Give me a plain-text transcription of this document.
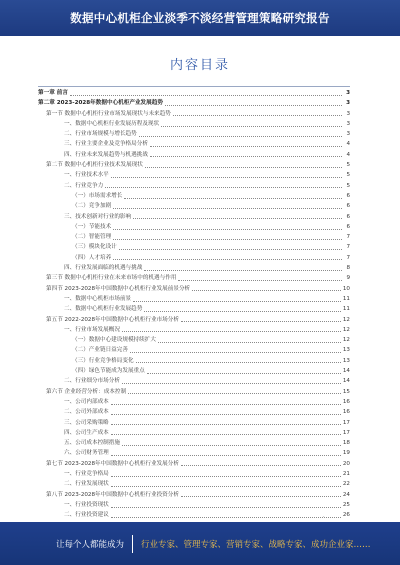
数据中心机柜企业淡季不淡经营管理策略研究报告
内容目录
第一章 前言	3
第二章 2023-2028年数据中心机柜产业发展趋势	3
第一节 数据中心机柜行业市场发展现状与未来趋势	3
一、数据中心机柜行业发展历程及现状	3
二、行业市场规模与增长趋势	3
三、行业主要企业及竞争格局分析	4
四、行业未来发展趋势与机遇挑战	4
第二节 数据中心机柜行业技术发展现状	5
一、行业技术水平	5
二、行业竞争力	5
（一）市场需求增长	6
（二）竞争加剧	6
三、技术创新对行业的影响	6
（一）节能技术	6
（二）智能管理	7
（三）模块化设计	7
（四）人才培养	7
四、行业发展面临的机遇与挑战	8
第三节 数据中心机柜行业在未来市场中的机遇与作用	9
第四节 2023-2028年中国数据中心机柜行业发展前景分析	10
一、数据中心机柜市场前景	11
二、数据中心机柜行业发展趋势	11
第五节 2022-2028年中国数据中心机柜行业市场分析	12
一、行业市场发展概况	12
（一）数据中心建设规模持续扩大	12
（二）产业链日益完善	13
（三）行业竞争格局变化	13
（四）绿色节能成为发展重点	14
二、行业细分市场分析	14
第六节 企业经营分析：成本控制	15
一、公司内部成本	16
二、公司外部成本	16
三、公司采购策略	17
四、公司生产成本	17
五、公司成本控制措施	18
六、公司财务管理	19
第七节 2023-2028年中国数据中心机柜行业发展分析	20
一、行业竞争格局	21
二、行业发展现状	22
第八节 2023-2028年中国数据中心机柜行业投资分析	24
一、行业投资现状	25
二、行业投资建议	26
.
让每个人都能成为 行业专家、管理专家、营销专家、战略专家、成功企业家……
